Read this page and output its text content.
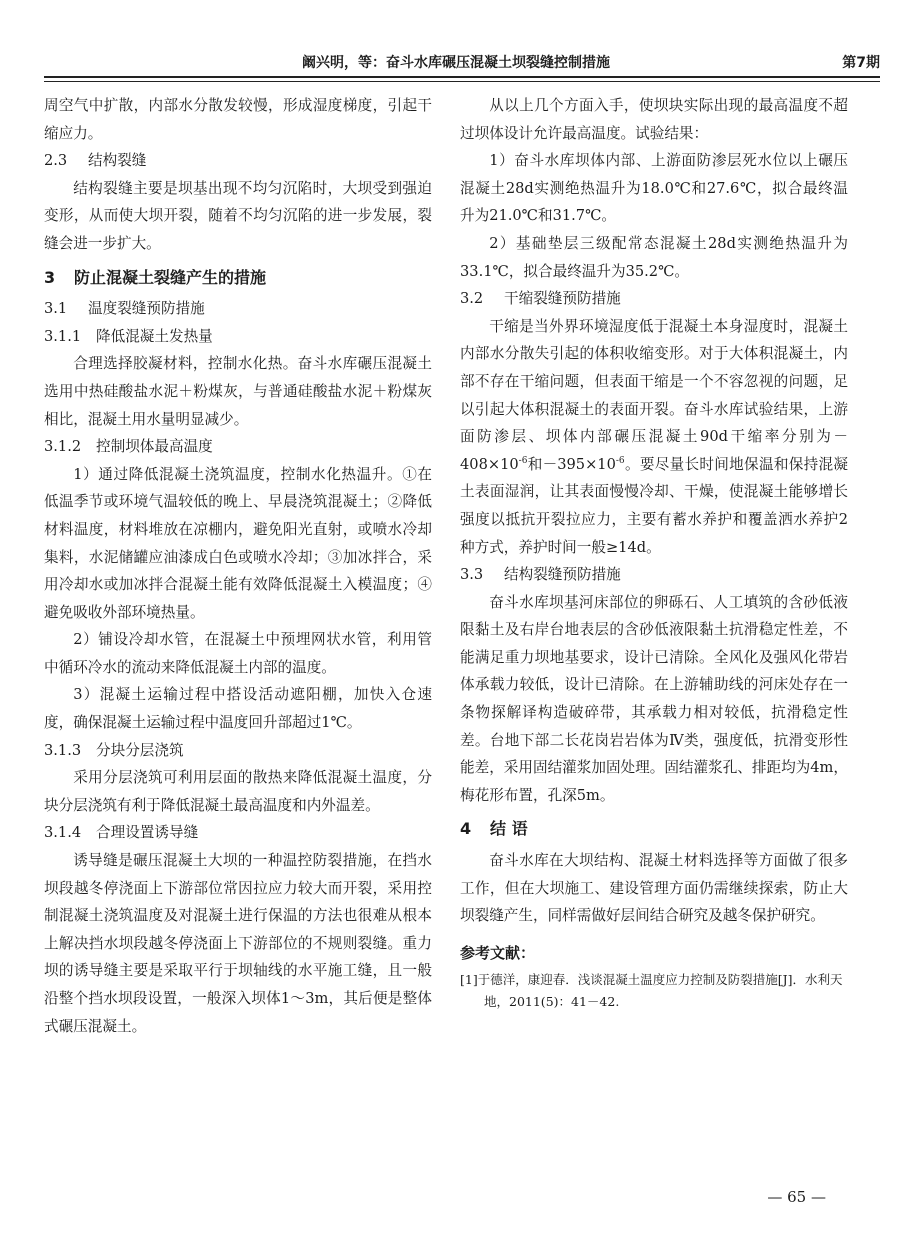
阚兴明，等：奋斗水库碾压混凝土坝裂缝控制措施	第7期

周空气中扩散，内部水分散发较慢，形成湿度梯度，引起干缩应力。

2.3 结构裂缝

结构裂缝主要是坝基出现不均匀沉陷时，大坝受到强迫变形，从而使大坝开裂，随着不均匀沉陷的进一步发展，裂缝会进一步扩大。

3 防止混凝土裂缝产生的措施

3.1 温度裂缝预防措施

3.1.1 降低混凝土发热量

合理选择胶凝材料，控制水化热。奋斗水库碾压混凝土选用中热硅酸盐水泥＋粉煤灰，与普通硅酸盐水泥＋粉煤灰相比，混凝土用水量明显减少。

3.1.2 控制坝体最高温度

1）通过降低混凝土浇筑温度，控制水化热温升。①在低温季节或环境气温较低的晚上、早晨浇筑混凝土；②降低材料温度，材料堆放在凉棚内，避免阳光直射，或喷水冷却集料，水泥储罐应油漆成白色或喷水冷却；③加冰拌合，采用冷却水或加冰拌合混凝土能有效降低混凝土入模温度；④避免吸收外部环境热量。

2）铺设冷却水管，在混凝土中预埋网状水管，利用管中循环冷水的流动来降低混凝土内部的温度。

3）混凝土运输过程中搭设活动遮阳棚，加快入仓速度，确保混凝土运输过程中温度回升部超过1℃。

3.1.3 分块分层浇筑

采用分层浇筑可利用层面的散热来降低混凝土温度，分块分层浇筑有利于降低混凝土最高温度和内外温差。

3.1.4 合理设置诱导缝

诱导缝是碾压混凝土大坝的一种温控防裂措施，在挡水坝段越冬停浇面上下游部位常因拉应力较大而开裂，采用控制混凝土浇筑温度及对混凝土进行保温的方法也很难从根本上解决挡水坝段越冬停浇面上下游部位的不规则裂缝。重力坝的诱导缝主要是采取平行于坝轴线的水平施工缝，且一般沿整个挡水坝段设置，一般深入坝体1～3m，其后便是整体式碾压混凝土。

从以上几个方面入手，使坝块实际出现的最高温度不超过坝体设计允许最高温度。试验结果：

1）奋斗水库坝体内部、上游面防渗层死水位以上碾压混凝土28d实测绝热温升为18.0℃和27.6℃，拟合最终温升为21.0℃和31.7℃。

2）基础垫层三级配常态混凝土28d实测绝热温升为33.1℃，拟合最终温升为35.2℃。

3.2 干缩裂缝预防措施

干缩是当外界环境湿度低于混凝土本身湿度时，混凝土内部水分散失引起的体积收缩变形。对于大体积混凝土，内部不存在干缩问题，但表面干缩是一个不容忽视的问题，足以引起大体积混凝土的表面开裂。奋斗水库试验结果，上游面防渗层、坝体内部碾压混凝土90d干缩率分别为$-408\times 10^{-6}$和$-395\times 10^{-6}$。要尽量长时间地保温和保持混凝土表面湿润，让其表面慢慢冷却、干燥，使混凝土能够增长强度以抵抗开裂拉应力，主要有蓄水养护和覆盖洒水养护2种方式，养护时间一般≥14d。

3.3 结构裂缝预防措施

奋斗水库坝基河床部位的卵砾石、人工填筑的含砂低液限黏土及右岸台地表层的含砂低液限黏土抗滑稳定性差，不能满足重力坝地基要求，设计已清除。全风化及强风化带岩体承载力较低，设计已清除。在上游辅助线的河床处存在一条物探解译构造破碎带，其承载力相对较低，抗滑稳定性差。台地下部二长花岗岩岩体为Ⅳ类，强度低，抗滑变形性能差，采用固结灌浆加固处理。固结灌浆孔、排距均为4m，梅花形布置，孔深5m。

4 结 语

奋斗水库在大坝结构、混凝土材料选择等方面做了很多工作，但在大坝施工、建设管理方面仍需继续探索，防止大坝裂缝产生，同样需做好层间结合研究及越冬保护研究。

参考文献：

[1]于德洋，康迎春．浅谈混凝土温度应力控制及防裂措施[J]．水利天地，2011(5)：41－42.

— 65 —
